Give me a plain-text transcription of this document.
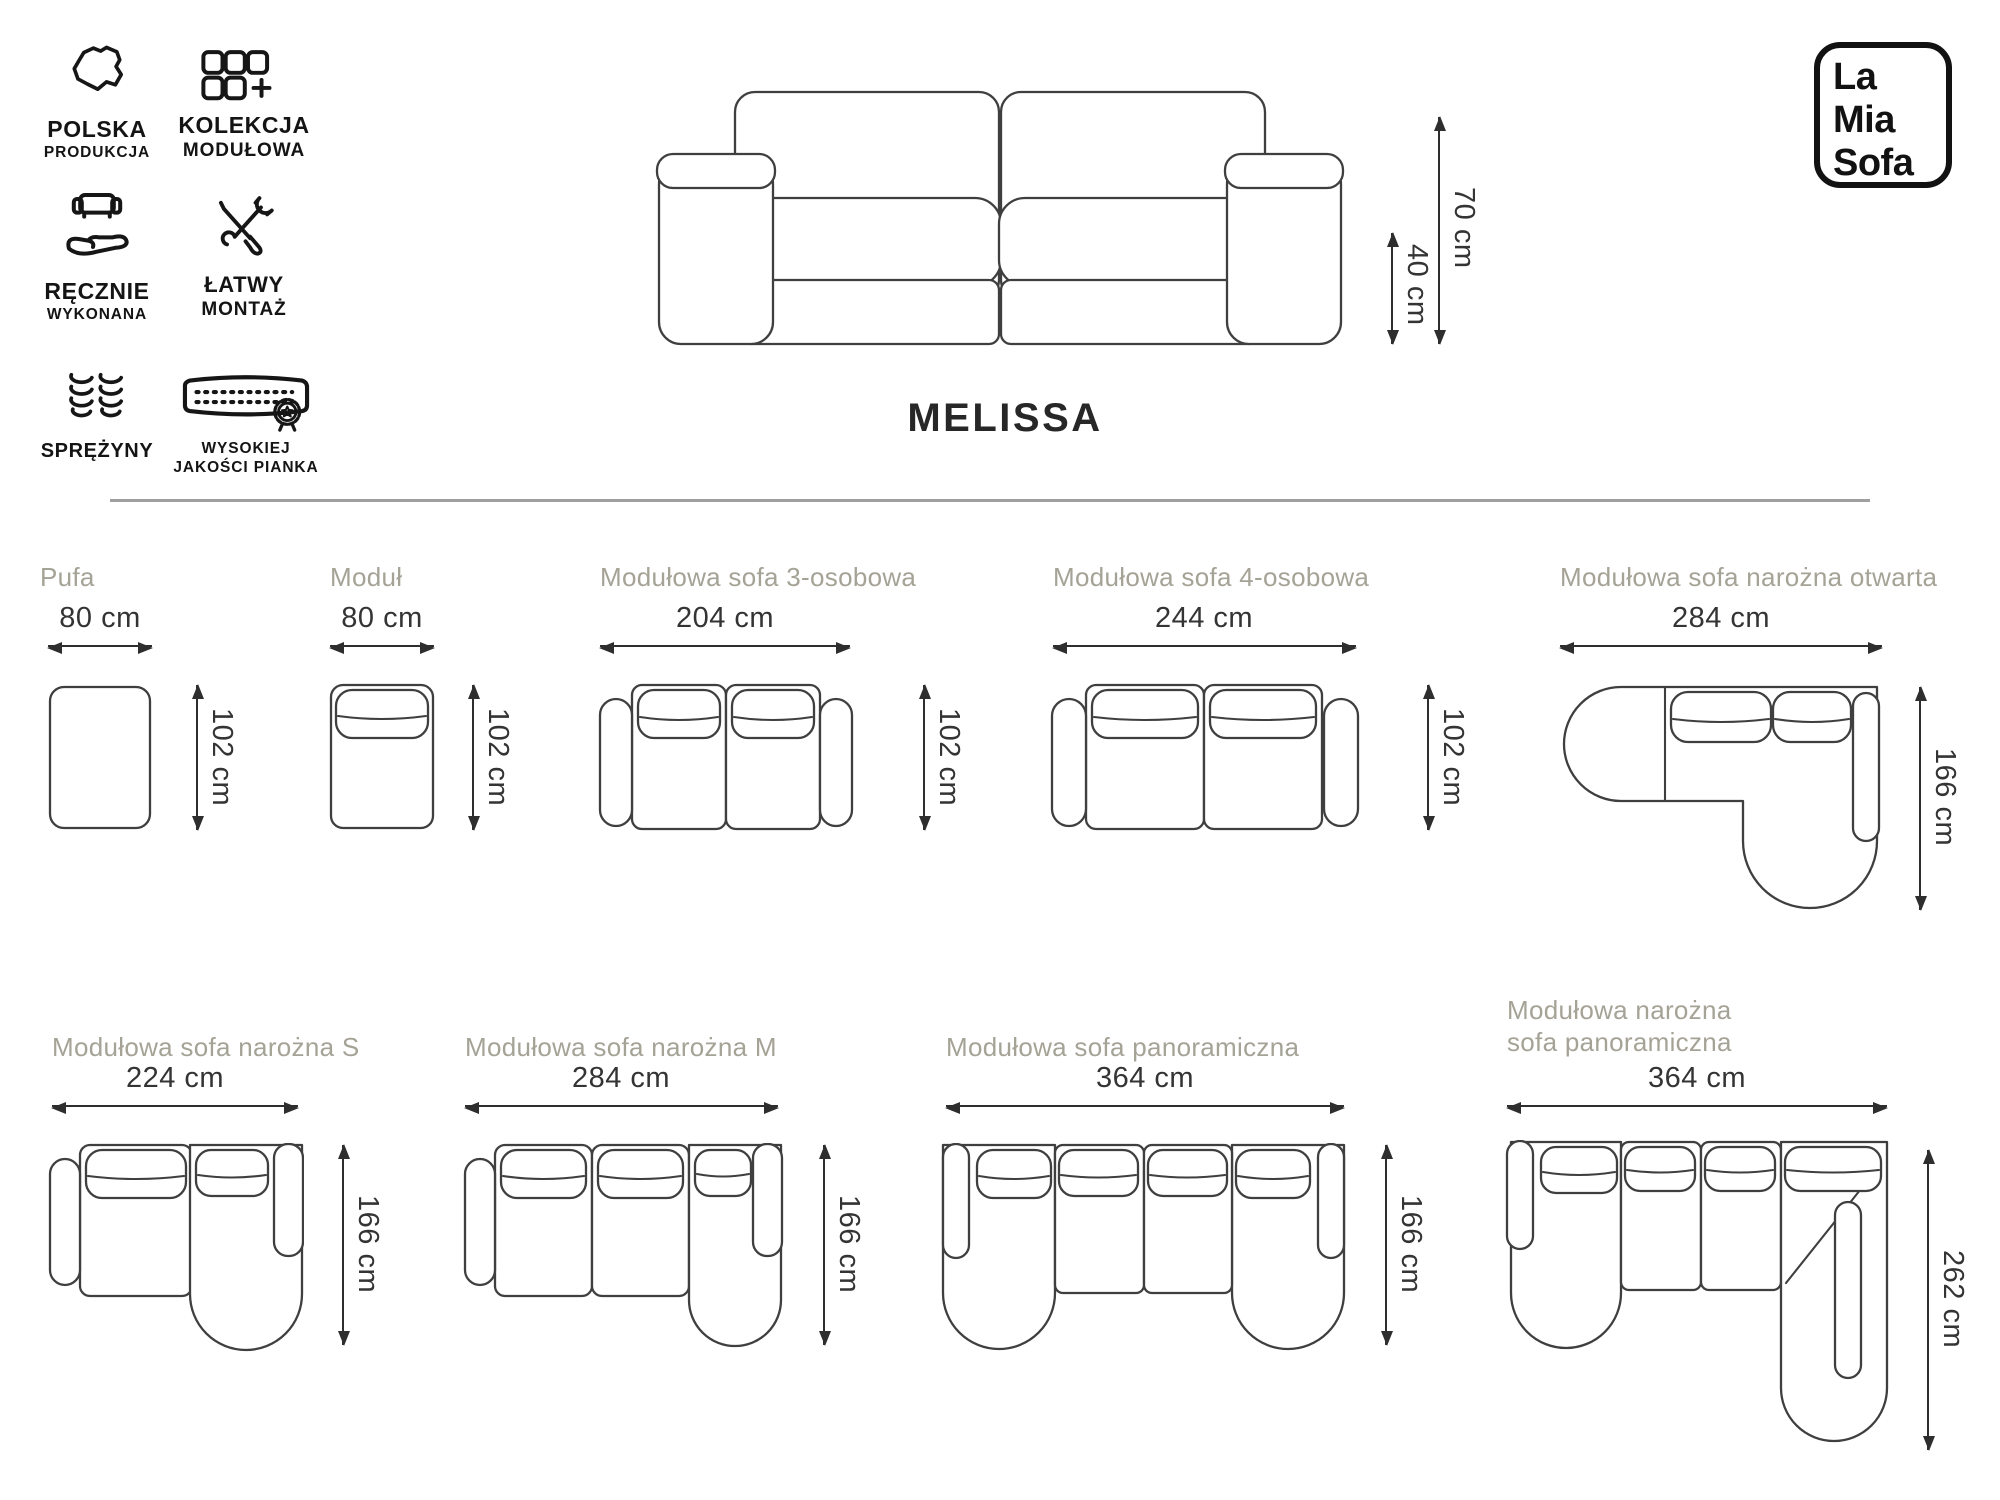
POLSKA
PRODUKCJA
KOLEKCJA
MODUŁOWA
RĘCZNIE
WYKONANA
ŁATWY
MONTAŻ
SPRĘŻYNY	WYSOKIEJ
JAKOŚCI PIANKA
La
Mia
Sofa
40 cm
70 cm
MELISSA
Pufa
80 cm
102 cm
Moduł
80 cm
102 cm
Modułowa sofa 3-osobowa
204 cm
102 cm
Modułowa sofa 4-osobowa
244 cm
102 cm
Modułowa sofa narożna otwarta
284 cm
166 cm
Modułowa sofa narożna S
224 cm
166 cm
Modułowa sofa narożna M
284 cm
166 cm
Modułowa sofa panoramiczna
364 cm
166 cm
Modułowa narożna sofa panoramiczna
364 cm
262 cm
